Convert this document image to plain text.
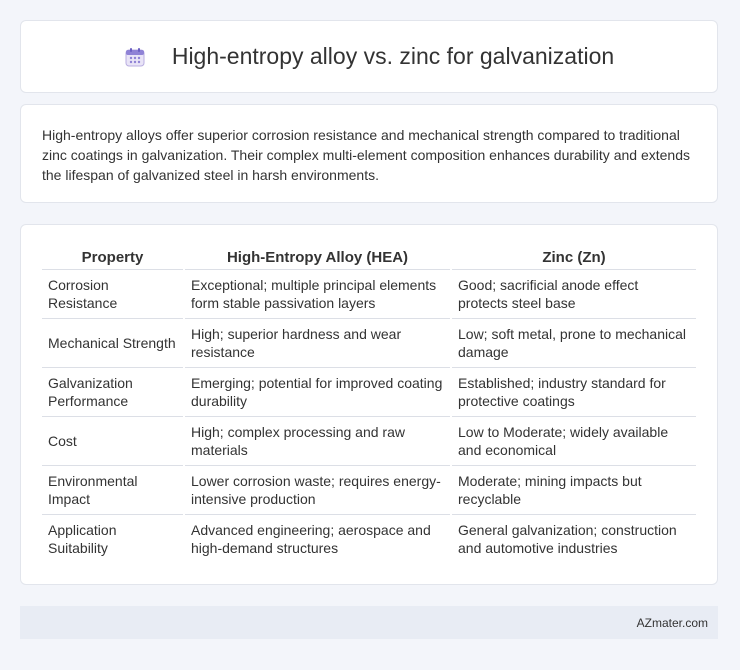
High-entropy alloy vs. zinc for galvanization

High-entropy alloys offer superior corrosion resistance and mechanical strength compared to traditional zinc coatings in galvanization. Their complex multi-element composition enhances durability and extends the lifespan of galvanized steel in harsh environments.

Property	High-Entropy Alloy (HEA)	Zinc (Zn)
Corrosion Resistance	Exceptional; multiple principal elements form stable passivation layers	Good; sacrificial anode effect protects steel base
Mechanical Strength	High; superior hardness and wear resistance	Low; soft metal, prone to mechanical damage
Galvanization Performance	Emerging; potential for improved coating durability	Established; industry standard for protective coatings
Cost	High; complex processing and raw materials	Low to Moderate; widely available and economical
Environmental Impact	Lower corrosion waste; requires energy-intensive production	Moderate; mining impacts but recyclable
Application Suitability	Advanced engineering; aerospace and high-demand structures	General galvanization; construction and automotive industries
AZmater.com
